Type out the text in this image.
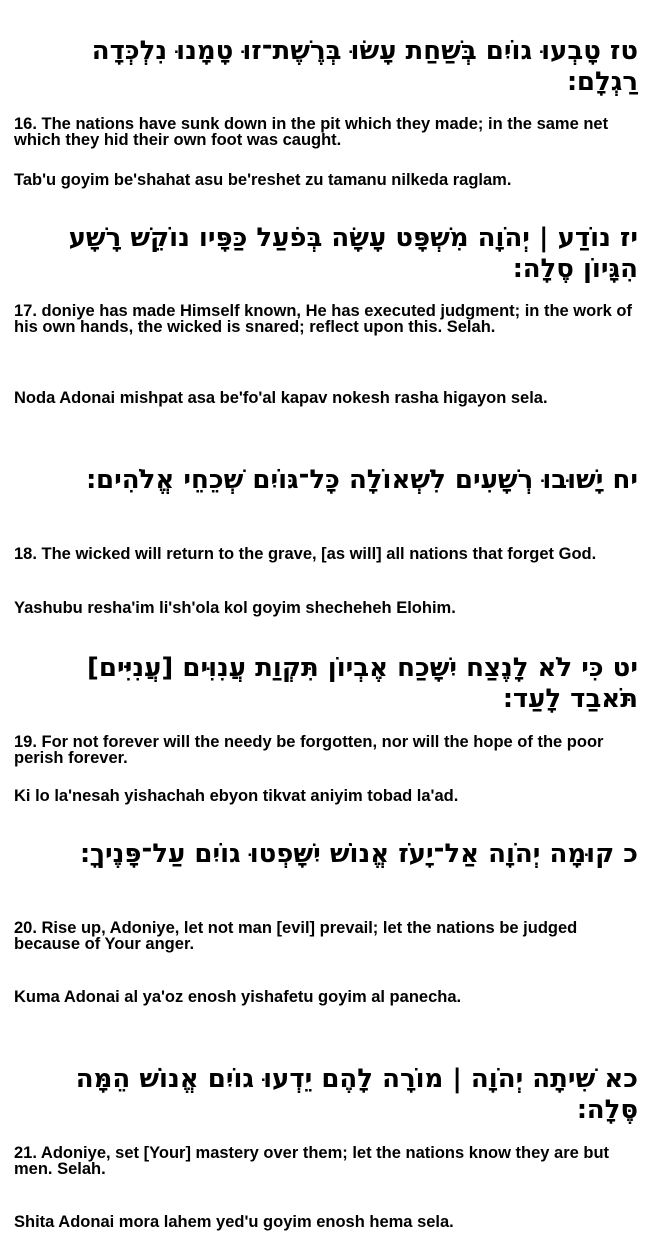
טז טָבְעוּ גוֹיִם בְּשַׁחַת עָשׂוּ בְּרֶשֶׁת־זוּ טָמָנוּ נִלְכְּדָה רַגְלָם׃

16. The nations have sunk down in the pit which they made; in the same net which they hid their own foot was caught.

Tab'u goyim be'shahat asu be'reshet zu tamanu nilkeda raglam.

יז נוֹדַע | יְהֹוָה מִשְׁפָּט עָשָׂה בְּפֹעַל כַּפָּיו נוֹקֵשׁ רָשָׁע הִגָּיוֹן סֶלָה׃

17. doniye has made Himself known, He has executed judgment; in the work of his own hands, the wicked is snared; reflect upon this. Selah.

Noda Adonai mishpat asa be'fo'al kapav nokesh rasha higayon sela.

יח יָשׁוּבוּ רְשָׁעִים לִשְׁאוֹלָה כָּל־גּוֹיִם שְׁכֵחֵי אֱלֹהִים׃

18. The wicked will return to the grave, [as will] all nations that forget God.

Yashubu resha'im li'sh'ola kol goyim shecheheh Elohim.

יט כִּי לֹא לָנֶצַח יִשָּׁכַח אֶבְיוֹן תִּקְוַת עֲנִוִּים [עֲנִיִּים] תֹּאבַד לָעַד׃

19. For not forever will the needy be forgotten, nor will the hope of the poor perish forever.

Ki lo la'nesah yishachah ebyon tikvat aniyim tobad la'ad.

כ קוּמָה יְהֹוָה אַל־יָעֹז אֱנוֹשׁ יִשָּׁפְטוּ גוֹיִם עַל־פָּנֶיךָ׃

20. Rise up, Adoniye, let not man [evil] prevail; let the nations be judged because of Your anger.

Kuma Adonai al ya'oz enosh yishafetu goyim al panecha.

כא שִׁיתָה יְהֹוָה | מוֹרָה לָהֶם יֵדְעוּ גוֹיִם אֱנוֹשׁ הֵמָּה סֶּלָה׃

21. Adoniye, set [Your] mastery over them; let the nations know they are but men. Selah.

Shita Adonai mora lahem yed'u goyim enosh hema sela.
